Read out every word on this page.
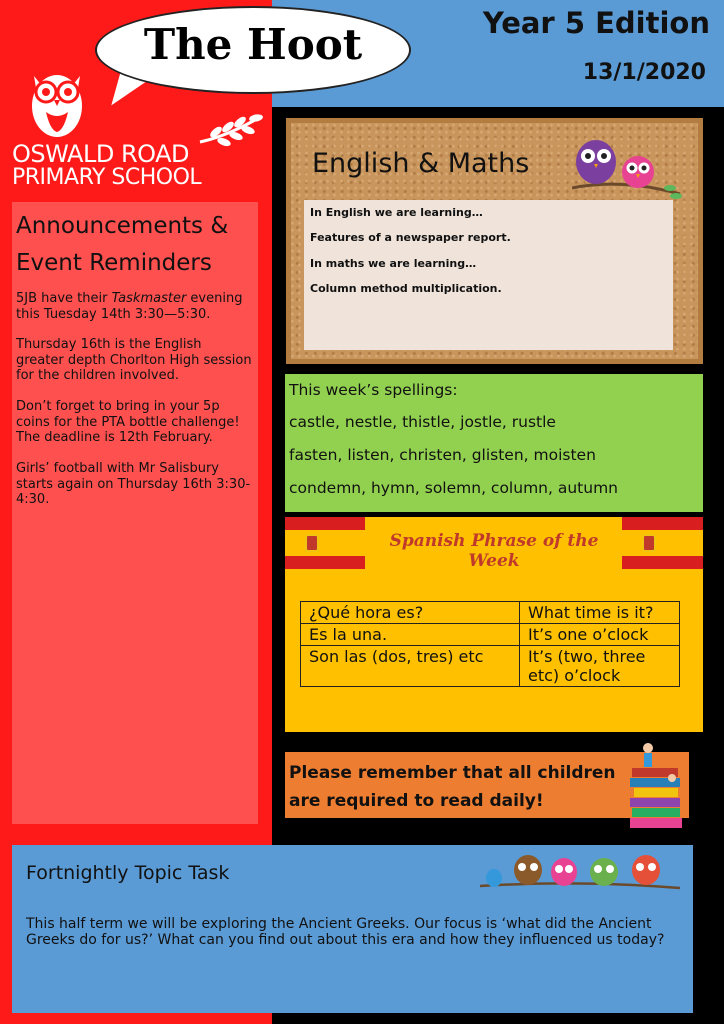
Year 5 Edition
13/1/2020
The Hoot
OSWALD ROAD
PRIMARY SCHOOL
Announcements & Event Reminders
5JB have their Taskmaster evening this Tuesday 14th 3:30—5:30.
Thursday 16th is the English greater depth Chorlton High session for the children involved.
Don’t forget to bring in your 5p coins for the PTA bottle challenge! The deadline is 12th February.
Girls’ football with Mr Salisbury starts again on Thursday 16th 3:30-4:30.
English & Maths
In English we are learning…
Features of a newspaper report.
In maths we are learning…
Column method multiplication.
This week’s spellings:
castle, nestle, thistle, jostle, rustle
fasten, listen, christen, glisten, moisten
condemn, hymn, solemn, column, autumn
Spanish Phrase of the Week
¿Qué hora es?	What time is it?
Es la una.	It’s one o’clock
Son las (dos, tres) etc	It’s (two, three etc) o’clock
Please remember that all children are required to read daily!
Fortnightly Topic Task
This half term we will be exploring the Ancient Greeks. Our focus is ‘what did the Ancient Greeks do for us?’ What can you find out about this era and how they influenced us today?
